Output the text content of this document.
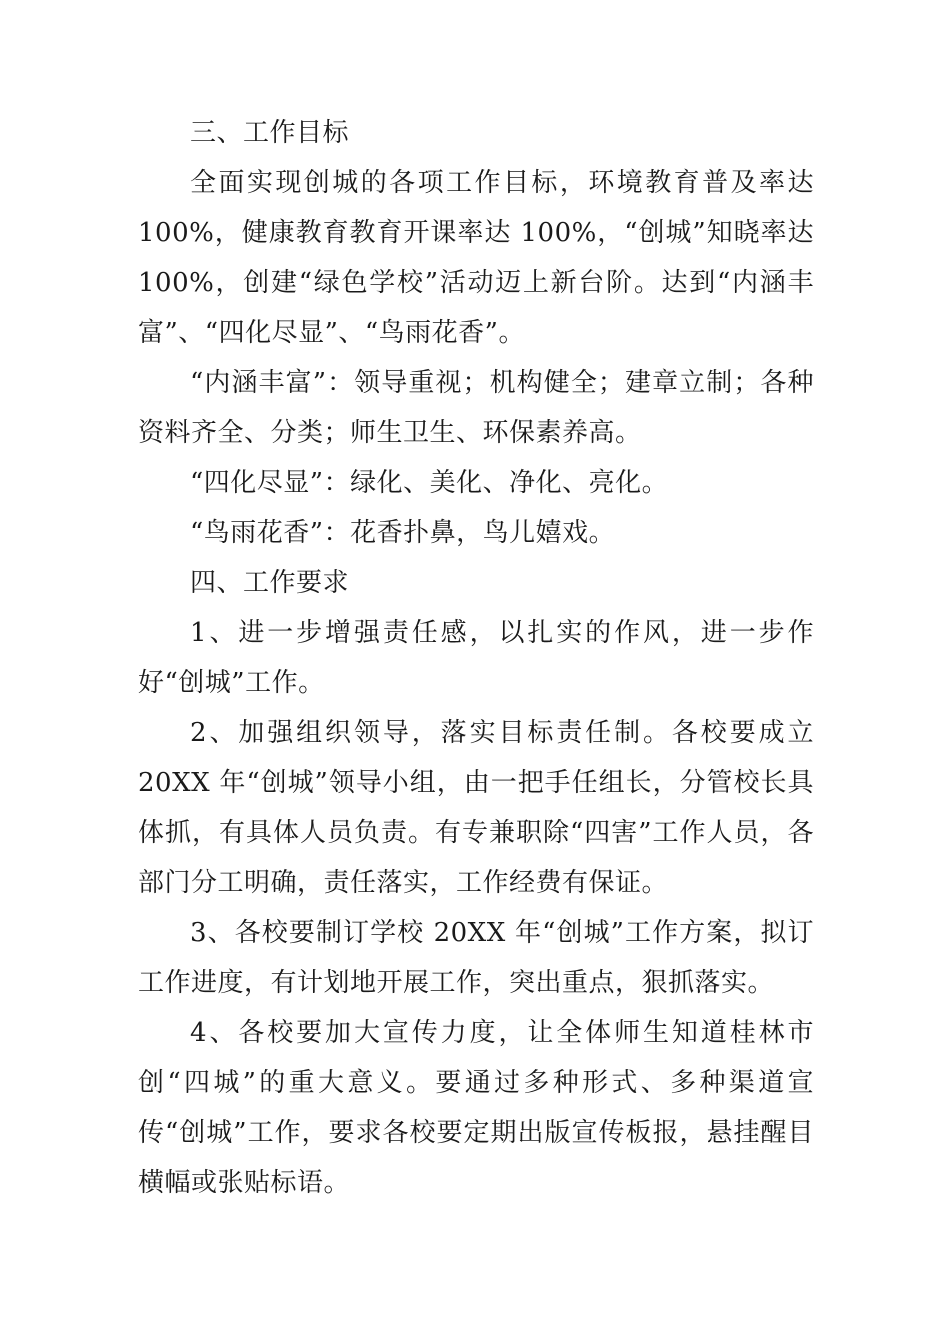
三、工作目标

全面实现创城的各项工作目标，环境教育普及率达 100%，健康教育教育开课率达 100%，“创城”知晓率达 100%，创建“绿色学校”活动迈上新台阶。达到“内涵丰富”、“四化尽显”、“鸟雨花香”。

“内涵丰富”：领导重视；机构健全；建章立制；各种资料齐全、分类；师生卫生、环保素养高。

“四化尽显”：绿化、美化、净化、亮化。

“鸟雨花香”：花香扑鼻，鸟儿嬉戏。

四、工作要求

1、进一步增强责任感，以扎实的作风，进一步作好“创城”工作。

2、加强组织领导，落实目标责任制。各校要成立 20XX 年“创城”领导小组，由一把手任组长，分管校长具体抓，有具体人员负责。有专兼职除“四害”工作人员，各部门分工明确，责任落实，工作经费有保证。

3、各校要制订学校 20XX 年“创城”工作方案，拟订工作进度，有计划地开展工作，突出重点，狠抓落实。

4、各校要加大宣传力度，让全体师生知道桂林市创“四城”的重大意义。要通过多种形式、多种渠道宣传“创城”工作，要求各校要定期出版宣传板报，悬挂醒目横幅或张贴标语。
